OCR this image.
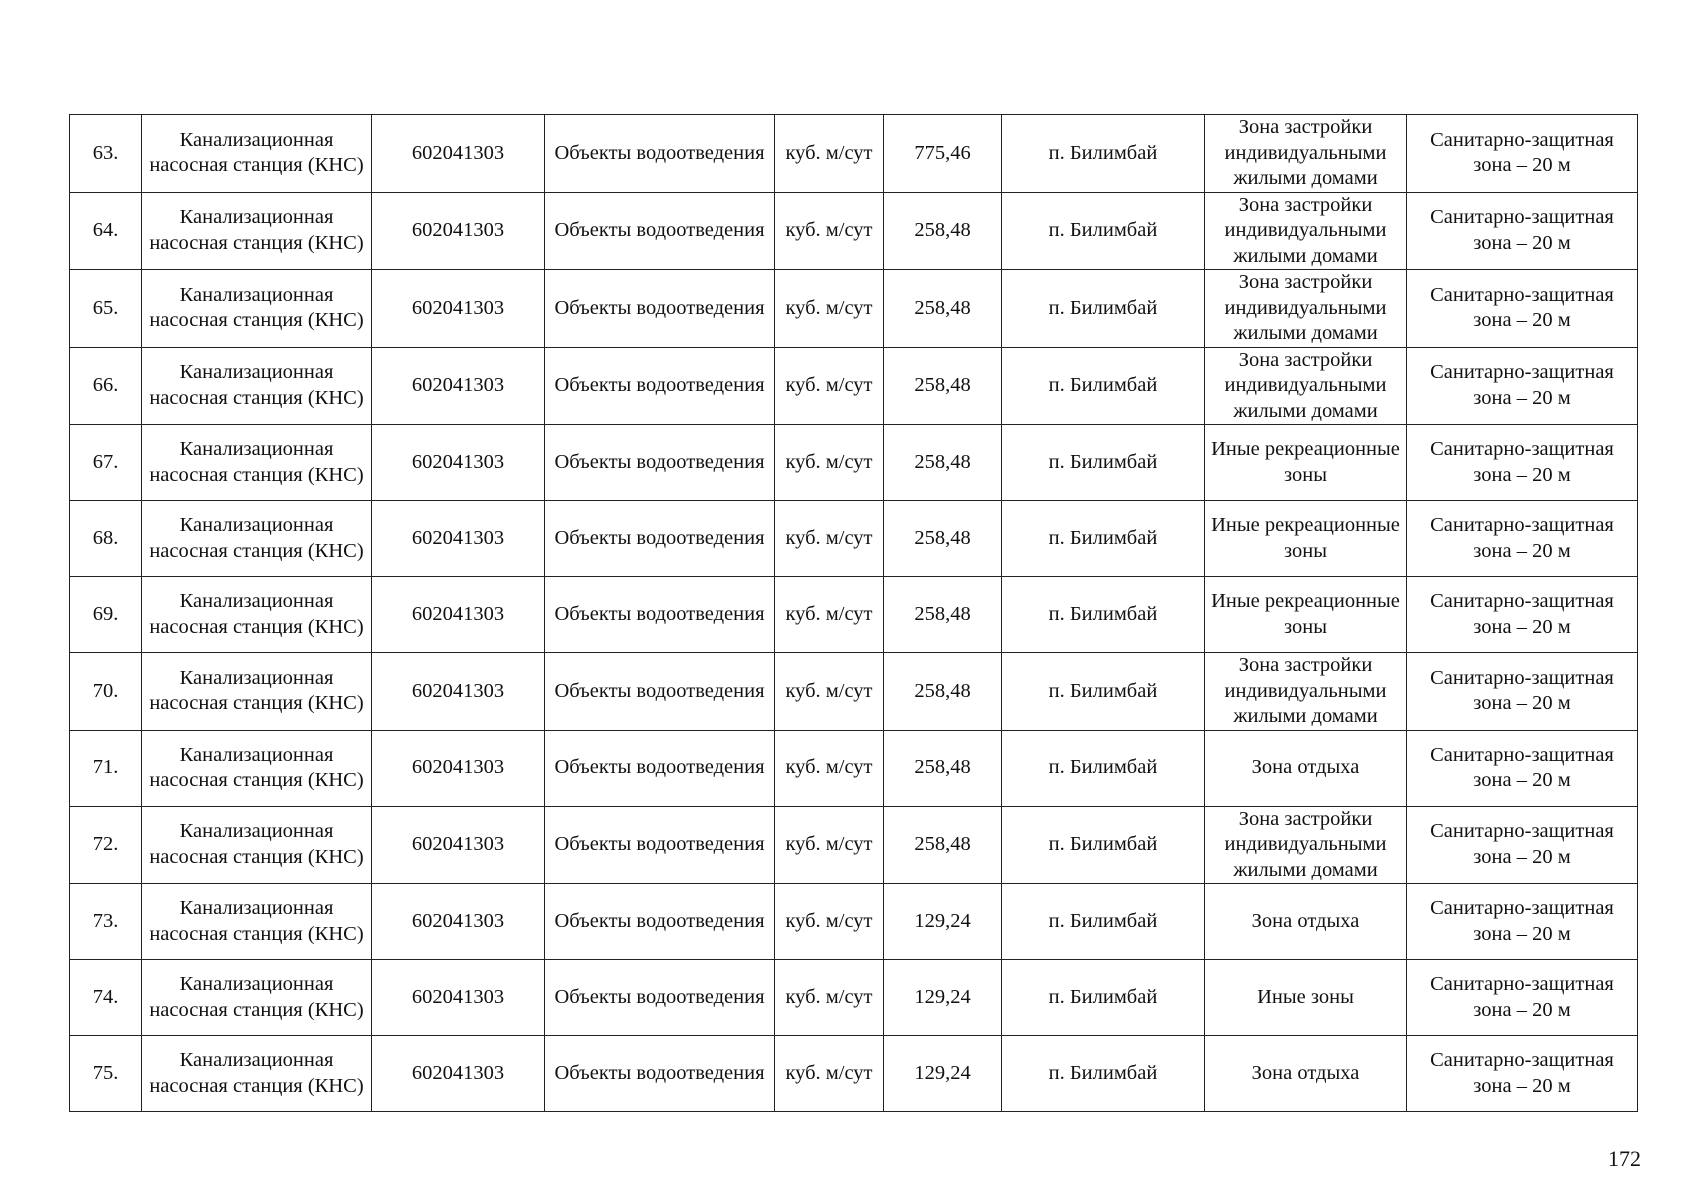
63.	Канализационная насосная станция (КНС)	602041303	Объекты водоотведения	куб. м/сут	775,46	п. Билимбай	Зона застройки индивидуальными жилыми домами	Санитарно-защитная зона – 20 м
64.	Канализационная насосная станция (КНС)	602041303	Объекты водоотведения	куб. м/сут	258,48	п. Билимбай	Зона застройки индивидуальными жилыми домами	Санитарно-защитная зона – 20 м
65.	Канализационная насосная станция (КНС)	602041303	Объекты водоотведения	куб. м/сут	258,48	п. Билимбай	Зона застройки индивидуальными жилыми домами	Санитарно-защитная зона – 20 м
66.	Канализационная насосная станция (КНС)	602041303	Объекты водоотведения	куб. м/сут	258,48	п. Билимбай	Зона застройки индивидуальными жилыми домами	Санитарно-защитная зона – 20 м
67.	Канализационная насосная станция (КНС)	602041303	Объекты водоотведения	куб. м/сут	258,48	п. Билимбай	Иные рекреационные зоны	Санитарно-защитная зона – 20 м
68.	Канализационная насосная станция (КНС)	602041303	Объекты водоотведения	куб. м/сут	258,48	п. Билимбай	Иные рекреационные зоны	Санитарно-защитная зона – 20 м
69.	Канализационная насосная станция (КНС)	602041303	Объекты водоотведения	куб. м/сут	258,48	п. Билимбай	Иные рекреационные зоны	Санитарно-защитная зона – 20 м
70.	Канализационная насосная станция (КНС)	602041303	Объекты водоотведения	куб. м/сут	258,48	п. Билимбай	Зона застройки индивидуальными жилыми домами	Санитарно-защитная зона – 20 м
71.	Канализационная насосная станция (КНС)	602041303	Объекты водоотведения	куб. м/сут	258,48	п. Билимбай	Зона отдыха	Санитарно-защитная зона – 20 м
72.	Канализационная насосная станция (КНС)	602041303	Объекты водоотведения	куб. м/сут	258,48	п. Билимбай	Зона застройки индивидуальными жилыми домами	Санитарно-защитная зона – 20 м
73.	Канализационная насосная станция (КНС)	602041303	Объекты водоотведения	куб. м/сут	129,24	п. Билимбай	Зона отдыха	Санитарно-защитная зона – 20 м
74.	Канализационная насосная станция (КНС)	602041303	Объекты водоотведения	куб. м/сут	129,24	п. Билимбай	Иные зоны	Санитарно-защитная зона – 20 м
75.	Канализационная насосная станция (КНС)	602041303	Объекты водоотведения	куб. м/сут	129,24	п. Билимбай	Зона отдыха	Санитарно-защитная зона – 20 м
172
